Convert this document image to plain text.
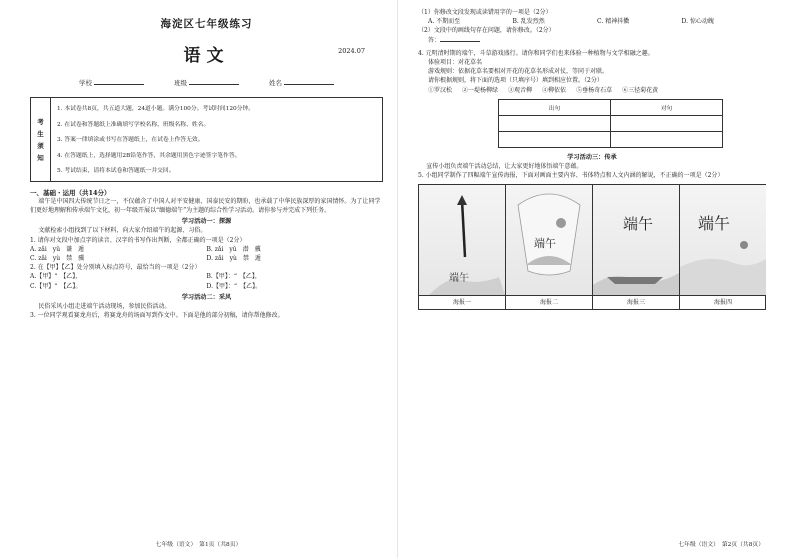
海淀区七年级练习
语文	2024.07
学校	班级	姓名
考
生
须
知
1. 本试卷共8页，共五道大题，24道小题。满分100分。考试时间120分钟。
2. 在试卷和答题纸上准确填写学校名称、班级名称、姓名。
3. 答案一律填涂或书写在答题纸上，在试卷上作答无效。
4. 在答题纸上，选择题用2B铅笔作答，其余题用黑色字迹签字笔作答。
5. 考试结束，请将本试卷和答题纸一并交回。
一、基础・运用（共14分）
端午是中国四大传统节日之一，不仅蕴含了中国人对平安健康、国泰民安的期盼，也承载了中华民族深厚的家国情怀。为了让同学们更好地理解和传承端午文化，初一年级开展以“缅德端午”为主题的综合性学习活动。请你参与并完成下列任务。
学习活动一：探源
文献检索小组找到了以下材料，向大家介绍端午的起源、习俗。
1. 请你对文段中加点字的读音、汉字的书写作出判断，全都正确的一项是（2分）
A. zǎi　yǔ　谦　遁	B. zǎi　yǔ　潜　骥
C. zǎi　yù　禁　骥	D. zǎi　yù　禁　遁
2. 在【甲】【乙】处分别填入标点符号，最恰当的一项是（2分）
A.【甲】“　【乙】，	B.【甲】：“　【乙】，
C.【甲】“　【乙】。	D.【甲】：“　【乙】。
学习活动二：采风
民俗采风小组走进端午活动现场，参加民俗活动。
3. 一位同学观看赛龙舟后，将赛龙舟的场面写到作文中。下面是他的部分初稿，请你帮他修改。
七年级（语文）　第1页（共8页）
（1）你修改文段发现或读错用字的一项是（2分）
A. 不期而至	B. 乱发烈然	C. 精神抖擞	D. 惊心动魄
（2）文段中的画线句存在问题，请你修改。（2分）
答：
4. 元明清时期的端午，斗草游戏盛行。请你和同学们也来体验一种植物与文学相融之趣。
体验项目：对花草名
游戏规则：依据花草名要相对开花的花草名形成对仗，等同于对联。
请你根据规则，将下面的选项（只填序号）填到相应位置。（2分）
①罗汉松 ②一堤杨柳绿 ③观音柳 ④柳依依 ⑤垂杨奇石草 ⑥三径菊花黄
出句	对句

学习活动三：传承
宣传小组负责端午活动总结，让大家更好地体悟端午意蕴。
5. 小组同学制作了四幅端午宣传海报，下面对画面主要内容、书体特点和人文内涵的解说，不正确的一项是（2分）
端午
海报一
端午
海报二
端午
海报三
端午
海报四
七年级（语文）　第2页（共8页）
